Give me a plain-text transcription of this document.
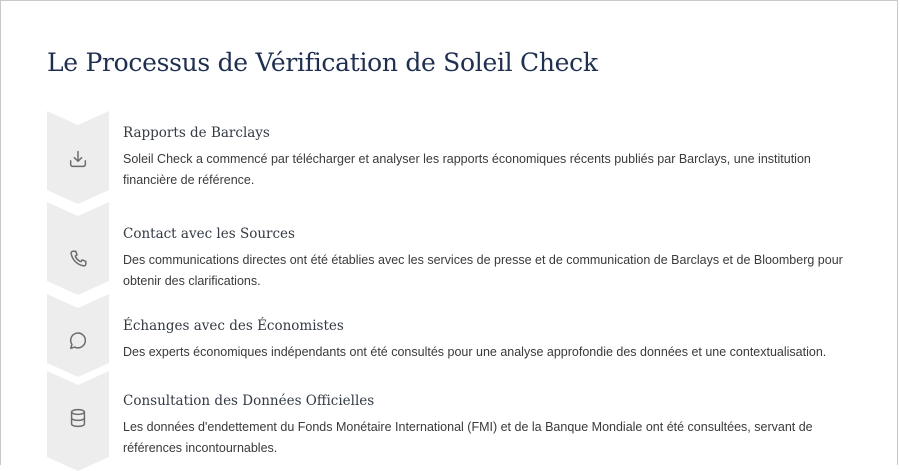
Le Processus de Vérification de Soleil Check

Rapports de Barclays

Soleil Check a commencé par télécharger et analyser les rapports économiques récents publiés par Barclays, une institution financière de référence.

Contact avec les Sources

Des communications directes ont été établies avec les services de presse et de communication de Barclays et de Bloomberg pour obtenir des clarifications.

Échanges avec des Économistes

Des experts économiques indépendants ont été consultés pour une analyse approfondie des données et une contextualisation.

Consultation des Données Officielles

Les données d'endettement du Fonds Monétaire International (FMI) et de la Banque Mondiale ont été consultées, servant de références incontournables.
